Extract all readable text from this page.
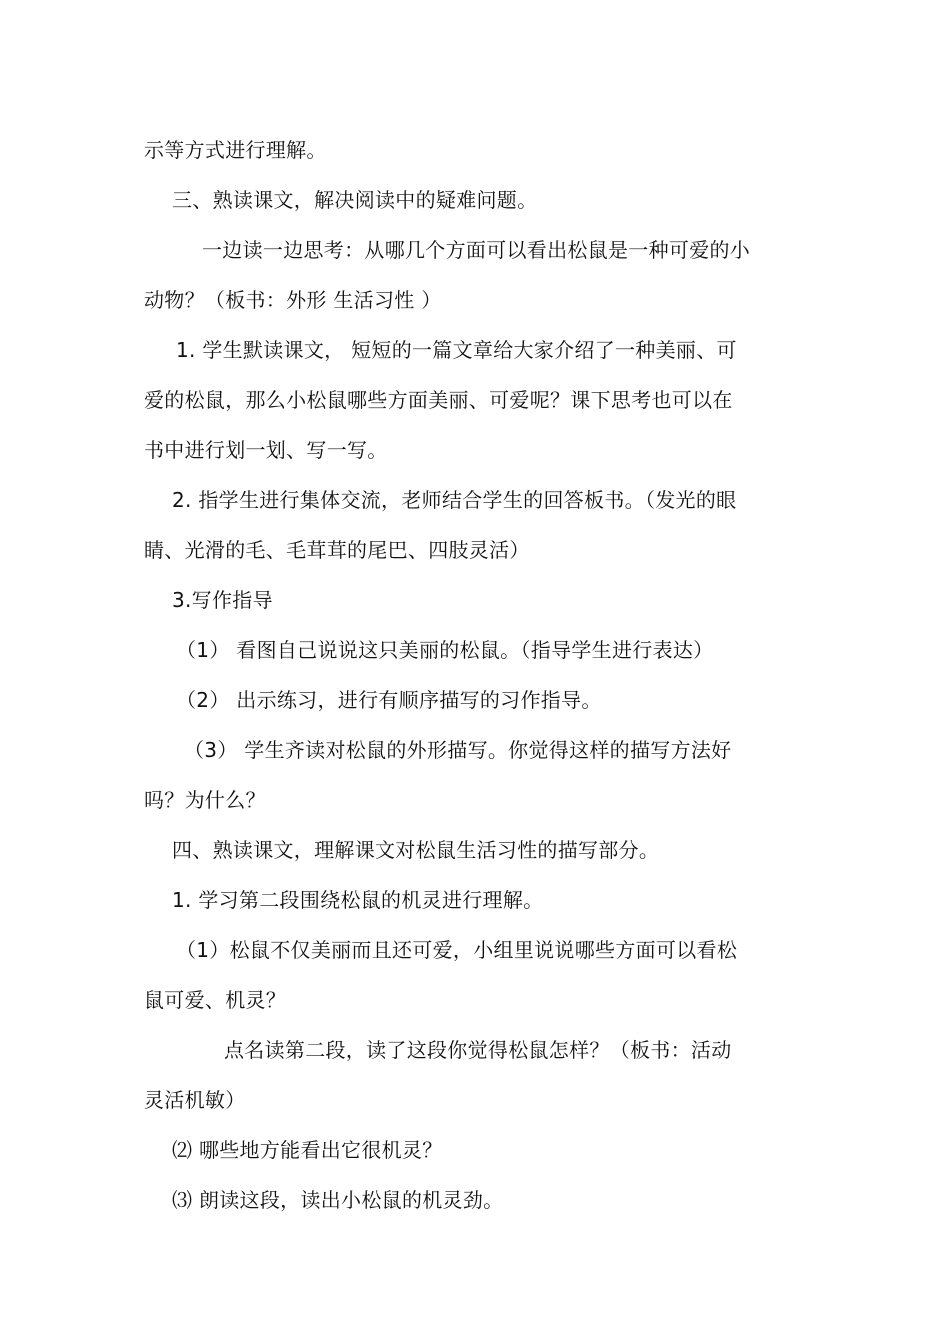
示等方式进行理解。
三、熟读课文，解决阅读中的疑难问题。
一边读一边思考：从哪几个方面可以看出松鼠是一种可爱的小
动物？（板书：外形 生活习性 ）
1. 学生默读课文， 短短的一篇文章给大家介绍了一种美丽、可
爱的松鼠，那么小松鼠哪些方面美丽、可爱呢？课下思考也可以在
书中进行划一划、写一写。
2. 指学生进行集体交流，老师结合学生的回答板书。（发光的眼
睛、光滑的毛、毛茸茸的尾巴、四肢灵活）
3.写作指导
（1） 看图自己说说这只美丽的松鼠。（指导学生进行表达）
（2） 出示练习，进行有顺序描写的习作指导。
（3） 学生齐读对松鼠的外形描写。你觉得这样的描写方法好
吗？为什么？
四、熟读课文，理解课文对松鼠生活习性的描写部分。
1. 学习第二段围绕松鼠的机灵进行理解。
（1）松鼠不仅美丽而且还可爱，小组里说说哪些方面可以看松
鼠可爱、机灵？
点名读第二段，读了这段你觉得松鼠怎样？（板书：活动
灵活机敏）
⑵ 哪些地方能看出它很机灵？
⑶ 朗读这段，读出小松鼠的机灵劲。
